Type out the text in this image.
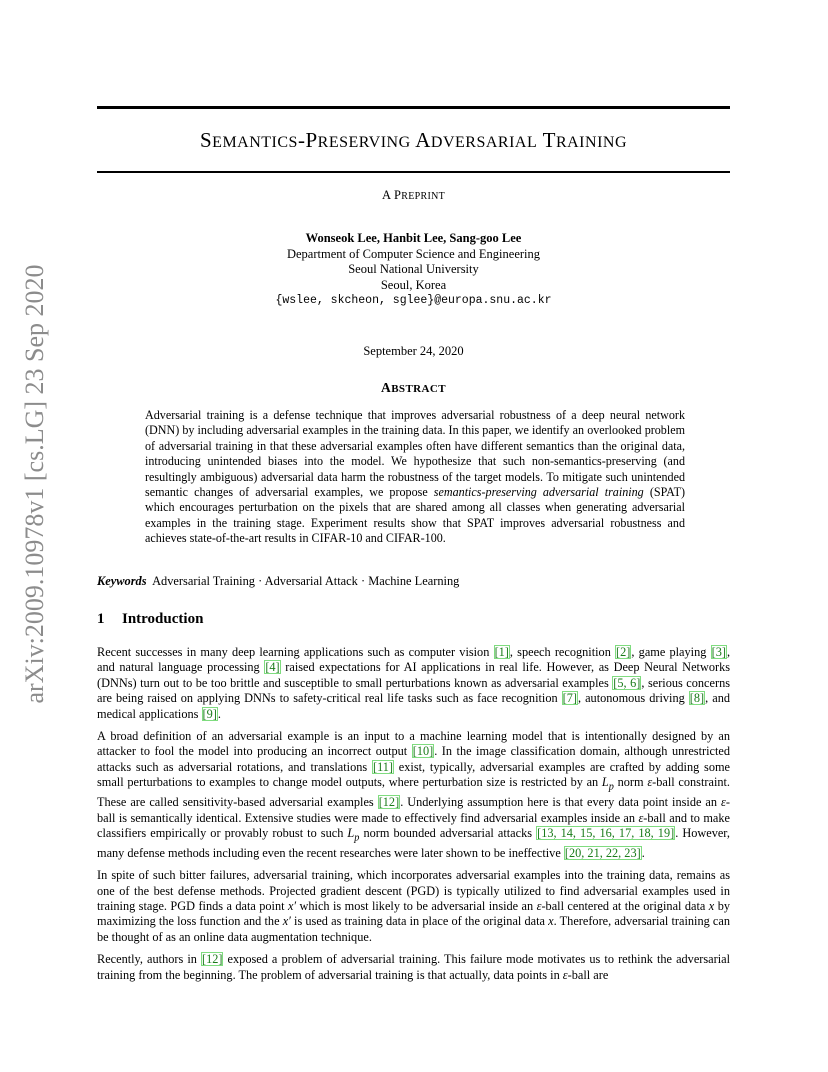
arXiv:2009.10978v1 [cs.LG] 23 Sep 2020
SEMANTICS-PRESERVING ADVERSARIAL TRAINING
A PREPRINT
Wonseok Lee, Hanbit Lee, Sang-goo Lee
Department of Computer Science and Engineering
Seoul National University
Seoul, Korea
{wslee, skcheon, sglee}@europa.snu.ac.kr
September 24, 2020
ABSTRACT
Adversarial training is a defense technique that improves adversarial robustness of a deep neural network (DNN) by including adversarial examples in the training data. In this paper, we identify an overlooked problem of adversarial training in that these adversarial examples often have different semantics than the original data, introducing unintended biases into the model. We hypothesize that such non-semantics-preserving (and resultingly ambiguous) adversarial data harm the robustness of the target models. To mitigate such unintended semantic changes of adversarial examples, we propose semantics-preserving adversarial training (SPAT) which encourages perturbation on the pixels that are shared among all classes when generating adversarial examples in the training stage. Experiment results show that SPAT improves adversarial robustness and achieves state-of-the-art results in CIFAR-10 and CIFAR-100.
Keywords Adversarial Training · Adversarial Attack · Machine Learning
1 Introduction

Recent successes in many deep learning applications such as computer vision [1], speech recognition [2], game playing [3], and natural language processing [4] raised expectations for AI applications in real life. However, as Deep Neural Networks (DNNs) turn out to be too brittle and susceptible to small perturbations known as adversarial examples [5, 6], serious concerns are being raised on applying DNNs to safety-critical real life tasks such as face recognition [7], autonomous driving [8], and medical applications [9].

A broad definition of an adversarial example is an input to a machine learning model that is intentionally designed by an attacker to fool the model into producing an incorrect output [10]. In the image classification domain, although unrestricted attacks such as adversarial rotations, and translations [11] exist, typically, adversarial examples are crafted by adding some small perturbations to examples to change model outputs, where perturbation size is restricted by an $L_p$ norm ε-ball constraint. These are called sensitivity-based adversarial examples [12]. Underlying assumption here is that every data point inside an ε-ball is semantically identical. Extensive studies were made to effectively find adversarial examples inside an ε-ball and to make classifiers empirically or provably robust to such $L_p$ norm bounded adversarial attacks [13, 14, 15, 16, 17, 18, 19]. However, many defense methods including even the recent researches were later shown to be ineffective [20, 21, 22, 23].

In spite of such bitter failures, adversarial training, which incorporates adversarial examples into the training data, remains as one of the best defense methods. Projected gradient descent (PGD) is typically utilized to find adversarial examples used in training stage. PGD finds a data point x′ which is most likely to be adversarial inside an ε-ball centered at the original data x by maximizing the loss function and the x′ is used as training data in place of the original data x. Therefore, adversarial training can be thought of as an online data augmentation technique.

Recently, authors in [12] exposed a problem of adversarial training. This failure mode motivates us to rethink the adversarial training from the beginning. The problem of adversarial training is that actually, data points in ε-ball are
